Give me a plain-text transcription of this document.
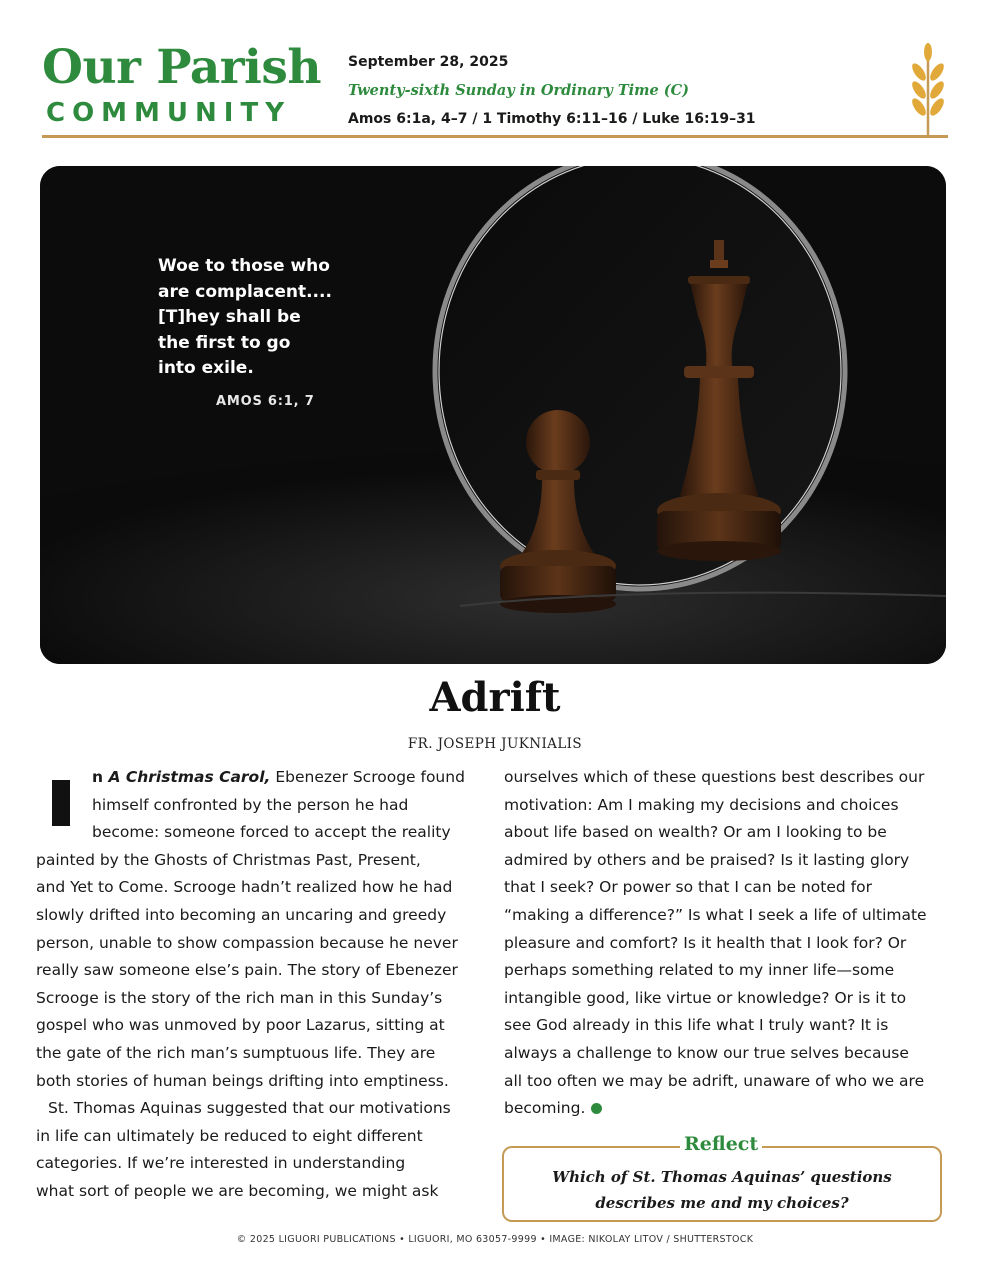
Our Parish
COMMUNITY
September 28, 2025
Twenty-sixth Sunday in Ordinary Time (C)
Amos 6:1a, 4–7 / 1 Timothy 6:11–16 / Luke 16:19–31
Woe to those who
are complacent....
[T]hey shall be
the first to go
into exile.
AMOS 6:1, 7
Adrift
FR. JOSEPH JUKNIALIS

n A Christmas Carol, Ebenezer Scrooge found

himself confronted by the person he had

become: someone forced to accept the reality

painted by the Ghosts of Christmas Past, Present,

and Yet to Come. Scrooge hadn’t realized how he had

slowly drifted into becoming an uncaring and greedy

person, unable to show compassion because he never

really saw someone else’s pain. The story of Ebenezer

Scrooge is the story of the rich man in this Sunday’s

gospel who was unmoved by poor Lazarus, sitting at

the gate of the rich man’s sumptuous life. They are

both stories of human beings drifting into emptiness.

St. Thomas Aquinas suggested that our motivations

in life can ultimately be reduced to eight different

categories. If we’re interested in understanding

what sort of people we are becoming, we might ask

ourselves which of these questions best describes our

motivation: Am I making my decisions and choices

about life based on wealth? Or am I looking to be

admired by others and be praised? Is it lasting glory

that I seek? Or power so that I can be noted for

“making a difference?” Is what I seek a life of ultimate

pleasure and comfort? Is it health that I look for? Or

perhaps something related to my inner life—some

intangible good, like virtue or knowledge? Or is it to

see God already in this life what I truly want? It is

always a challenge to know our true selves because

all too often we may be adrift, unaware of who we are

becoming.

Reflect
Which of St. Thomas Aquinas’ questions
describes me and my choices?
© 2025 LIGUORI PUBLICATIONS • LIGUORI, MO 63057-9999 • IMAGE: NIKOLAY LITOV / SHUTTERSTOCK
